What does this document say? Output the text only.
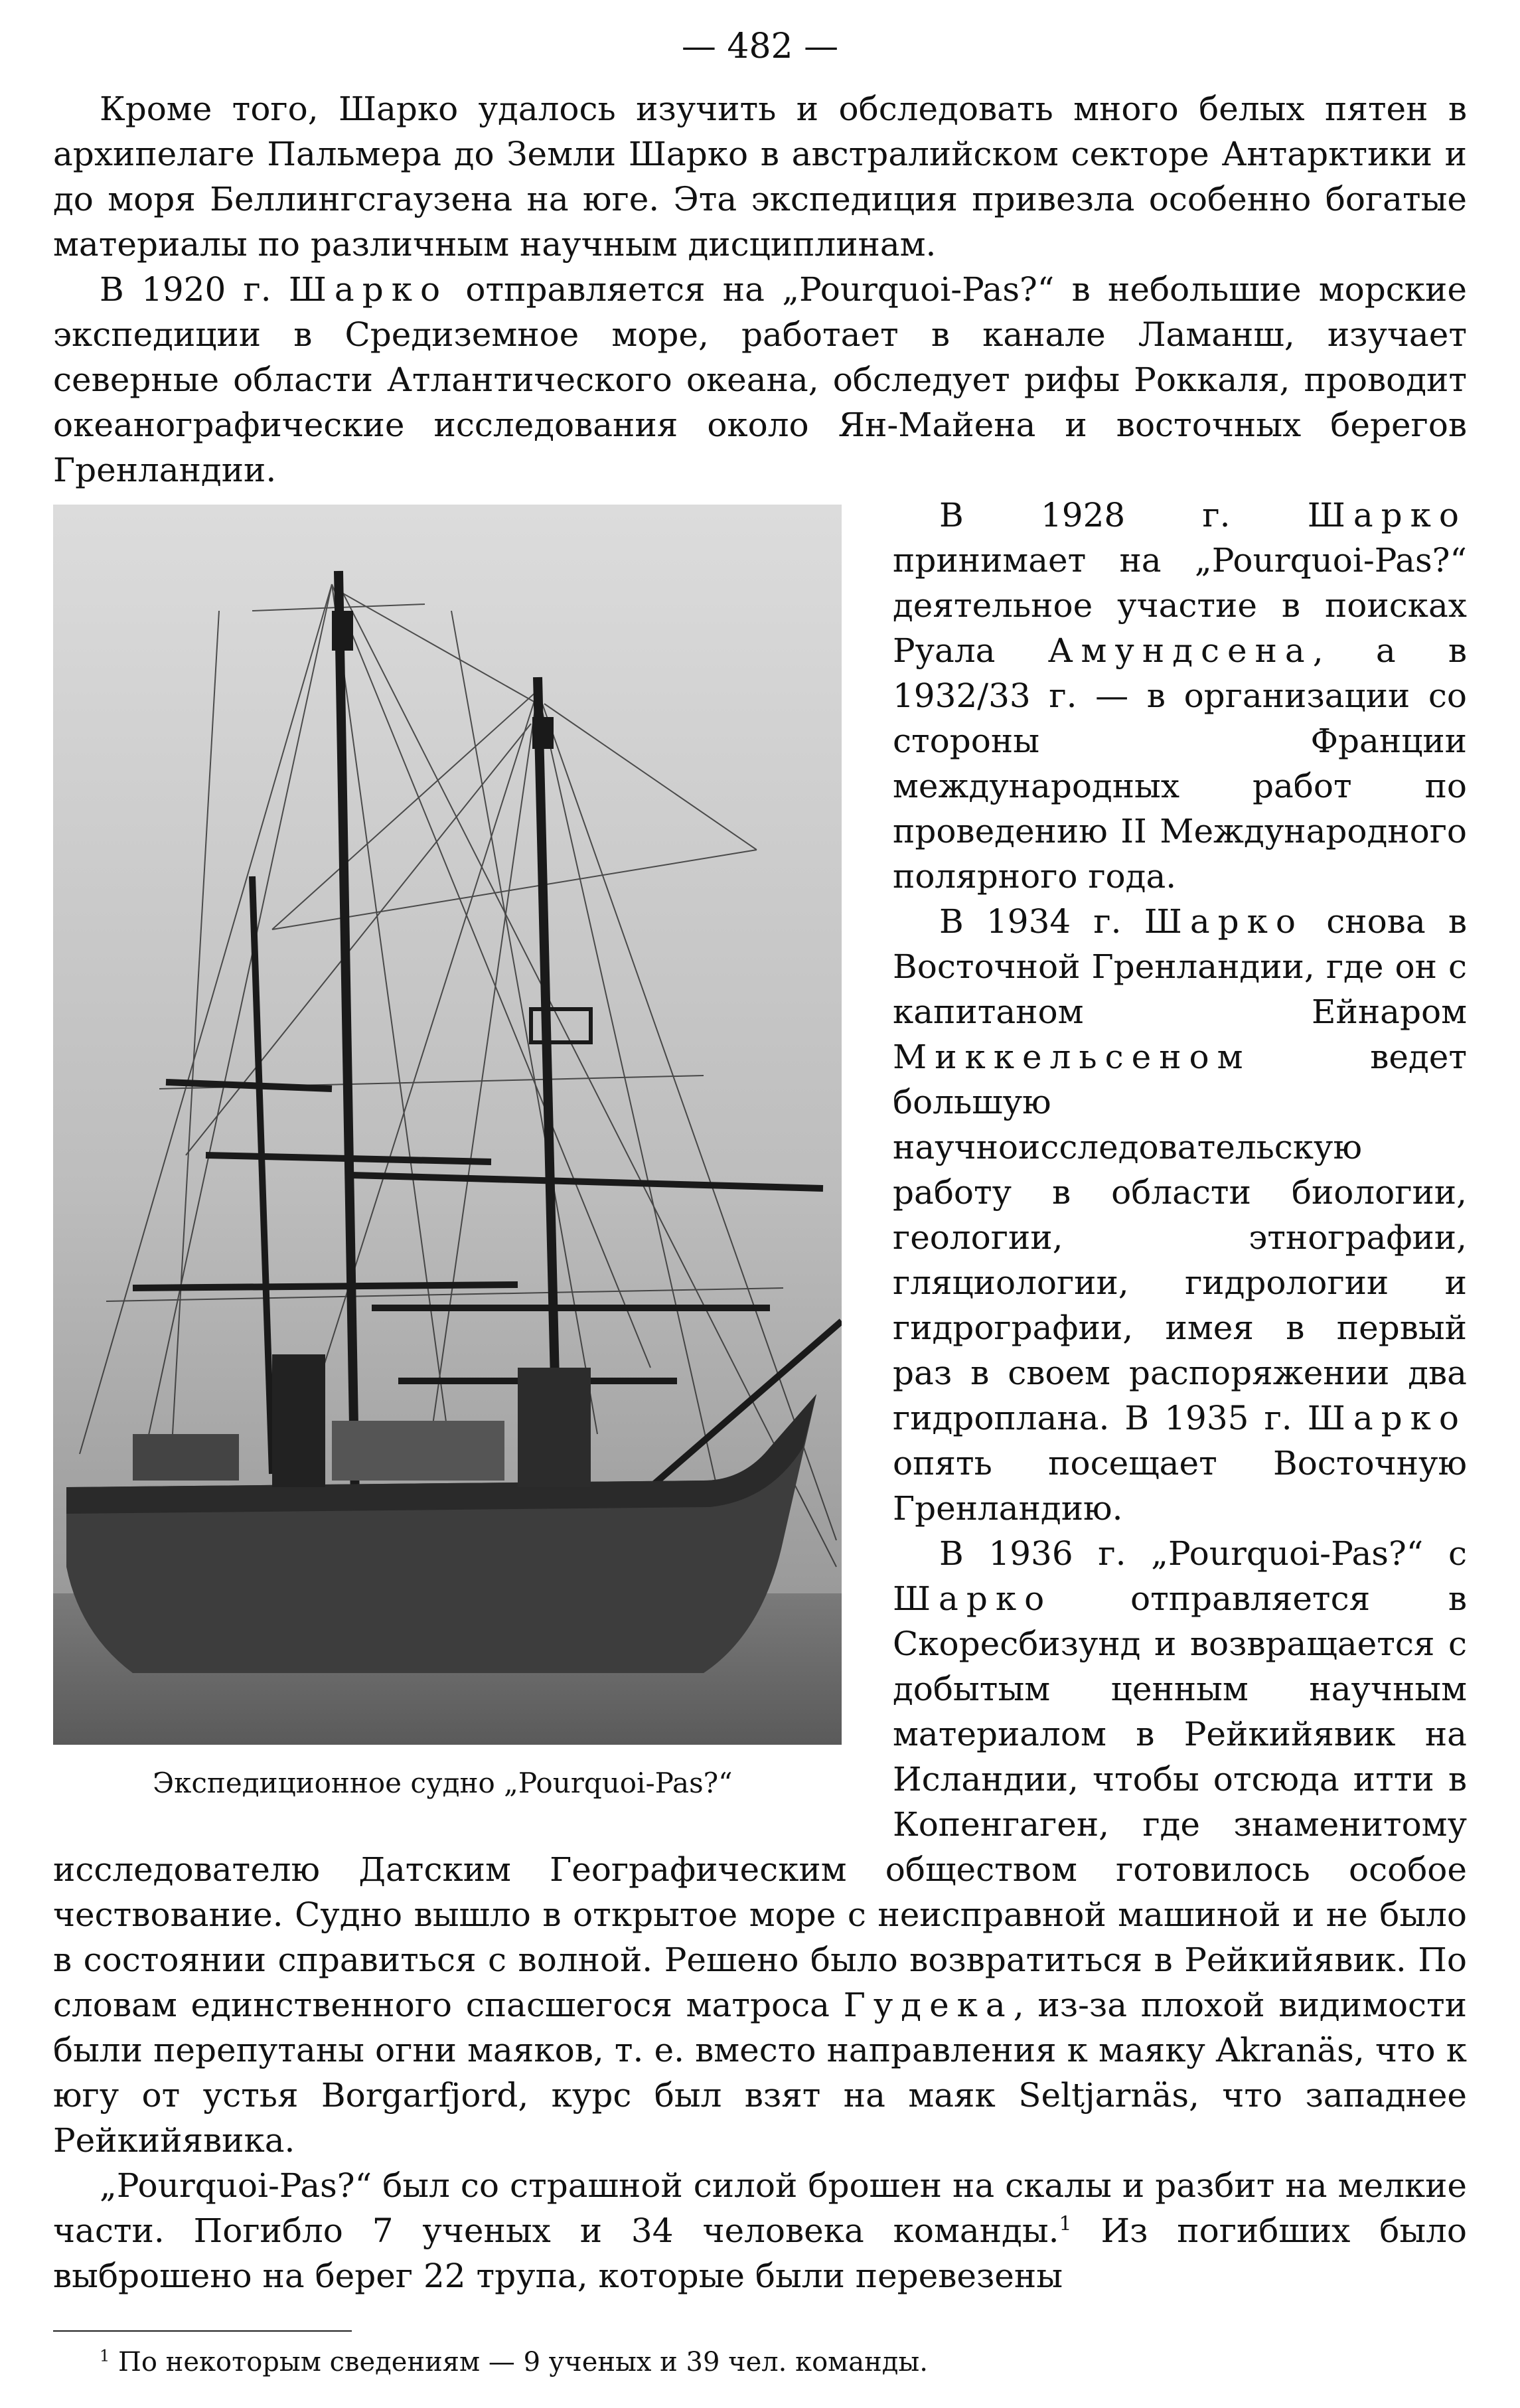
— 482 —

Кроме того, Шарко удалось изучить и обследовать много белых пятен в архипелаге Пальмера до Земли Шарко в австралийском секторе Антарктики и до моря Беллингсгаузена на юге. Эта экспедиция привезла особенно богатые материалы по различным научным дисциплинам.

В 1920 г. Шарко отправляется на „Pourquoi-Pas?“ в небольшие морские экспедиции в Средиземное море, работает в канале Ламанш, изучает северные области Атлантического океана, обследует рифы Роккаля, проводит океанографические исследования около Ян-Майена и восточных берегов Гренландии.

Экспедиционное судно „Pourquoi-Pas?“

В 1928 г. Шарко принимает на „Pourquoi-Pas?“ деятельное участие в поисках Руала Амундсена, а в 1932/33 г. — в организации со стороны Франции международных работ по проведению II Международного полярного года.

В 1934 г. Шарко снова в Восточной Гренландии, где он с капитаном Ейнаром Миккельсеном	ведет большую научноисследовательскую работу в области биологии, геологии, этнографии, гляциологии, гидрологии и гидрографии, имея в первый раз в своем распоряжении два гидроплана. В 1935 г. Шарко опять посещает Восточную Гренландию.

В 1936 г. „Pourquoi-Pas?“ с Шарко отправляется в Скоресбизунд и возвращается с добытым ценным научным материалом в Рейкийявик на Исландии, чтобы отсюда итти в Копенгаген, где знаменитому исследователю Датским Географическим обществом готовилось особое чествование. Судно вышло в открытое море с неисправной машиной и не было в состоянии справиться с волной. Решено было возвратиться в Рейкийявик. По словам единственного спасшегося матроса Гудека, из-за плохой видимости были перепутаны огни маяков, т. е. вместо направления к маяку Akranäs, что к югу от устья Borgarfjord, курс был взят на маяк Seltjarnäs, что западнее Рейкийявика.

„Pourquoi-Pas?“ был со страшной силой брошен на скалы и разбит на мелкие части. Погибло 7 ученых и 34 человека команды.$^1$ Из погибших было выброшено на берег 22 трупа, которые были перевезены

$^1$ По некоторым сведениям — 9 ученых и 39 чел. команды.
